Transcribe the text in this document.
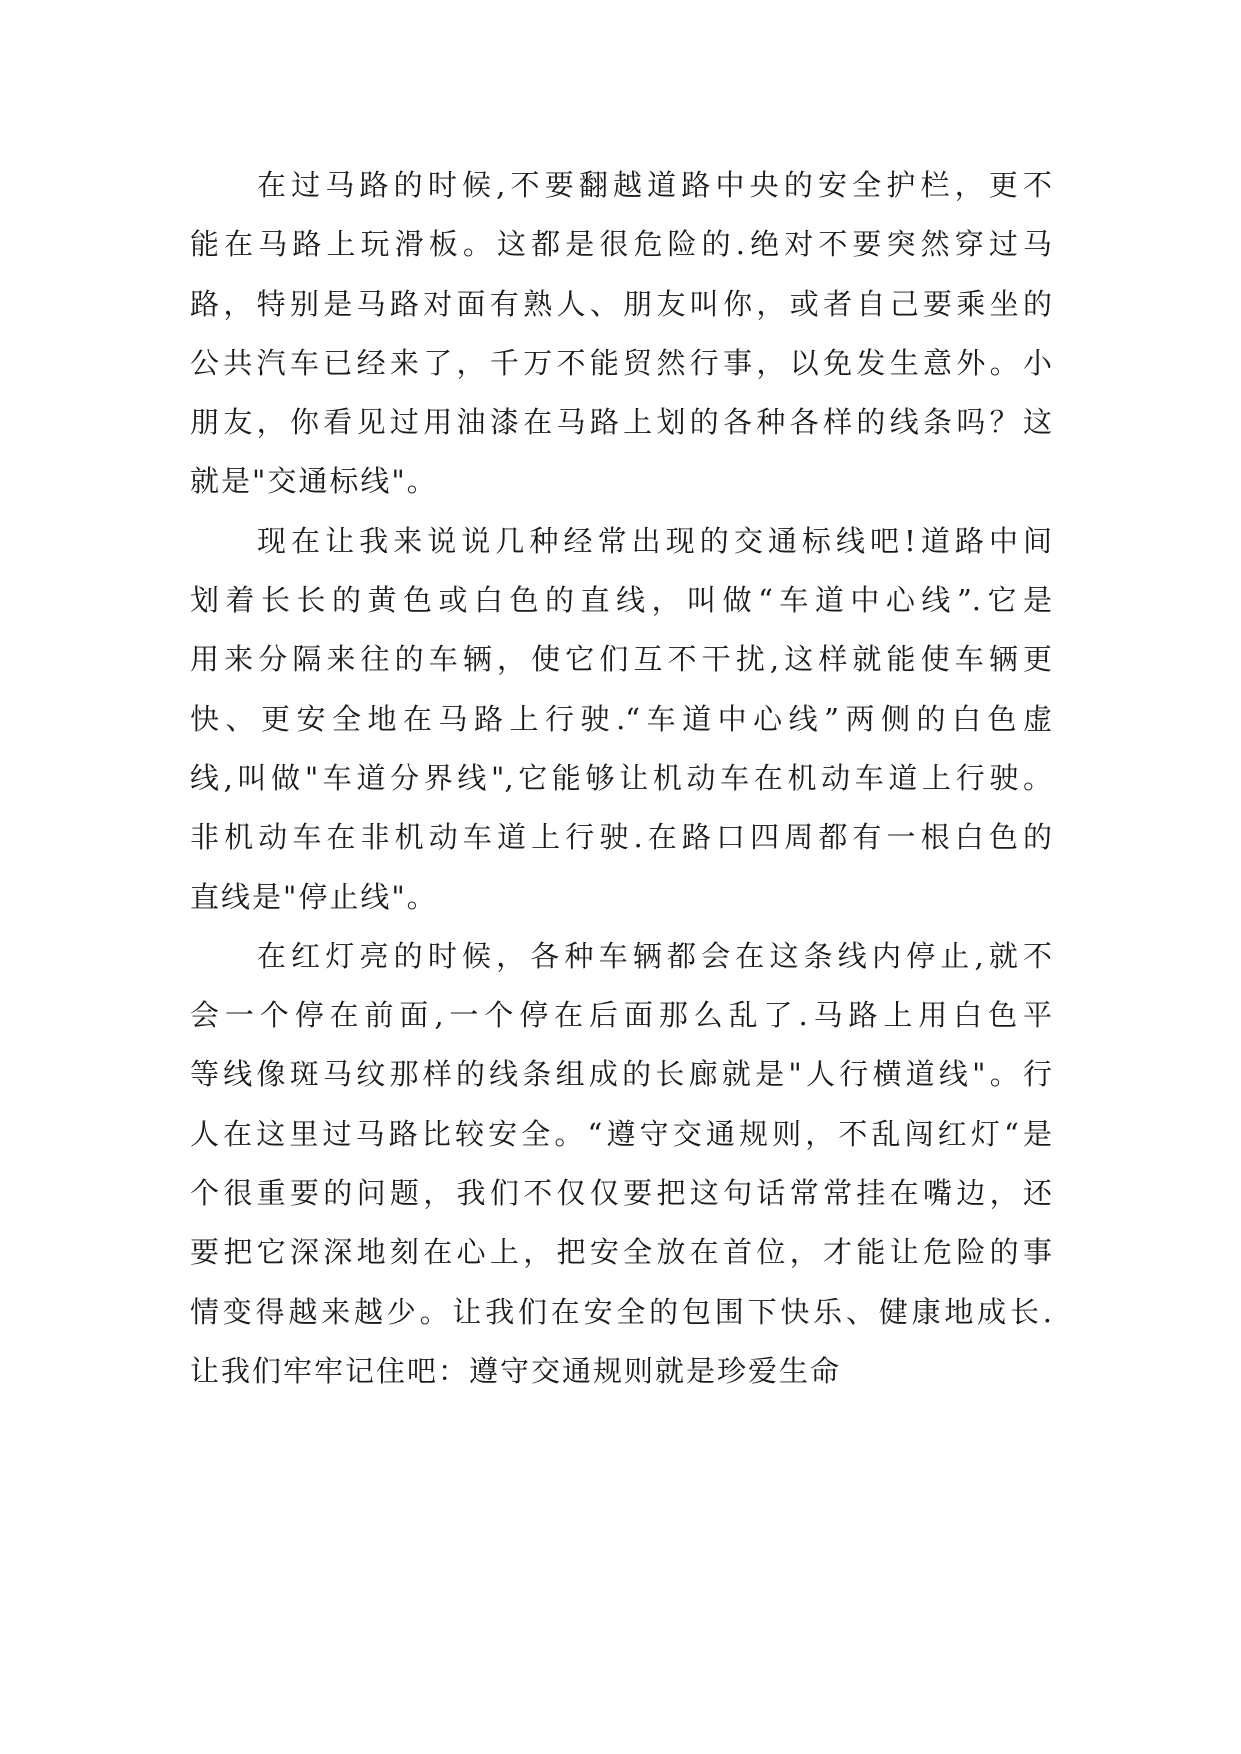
在过马路的时候,不要翻越道路中央的安全护栏，更不
能在马路上玩滑板。这都是很危险的.绝对不要突然穿过马
路，特别是马路对面有熟人、朋友叫你，或者自己要乘坐的
公共汽车已经来了，千万不能贸然行事，以免发生意外。小
朋友，你看见过用油漆在马路上划的各种各样的线条吗？这
就是"交通标线"。
现在让我来说说几种经常出现的交通标线吧!道路中间
划着长长的黄色或白色的直线，叫做“车道中心线”.它是
用来分隔来往的车辆，使它们互不干扰,这样就能使车辆更
快、更安全地在马路上行驶.“车道中心线”两侧的白色虚
线,叫做"车道分界线",它能够让机动车在机动车道上行驶。
非机动车在非机动车道上行驶.在路口四周都有一根白色的
直线是"停止线"。
在红灯亮的时候，各种车辆都会在这条线内停止,就不
会一个停在前面,一个停在后面那么乱了.马路上用白色平
等线像斑马纹那样的线条组成的长廊就是"人行横道线"。行
人在这里过马路比较安全。“遵守交通规则，不乱闯红灯“是
个很重要的问题，我们不仅仅要把这句话常常挂在嘴边，还
要把它深深地刻在心上，把安全放在首位，才能让危险的事
情变得越来越少。让我们在安全的包围下快乐、健康地成长.
让我们牢牢记住吧：遵守交通规则就是珍爱生命
